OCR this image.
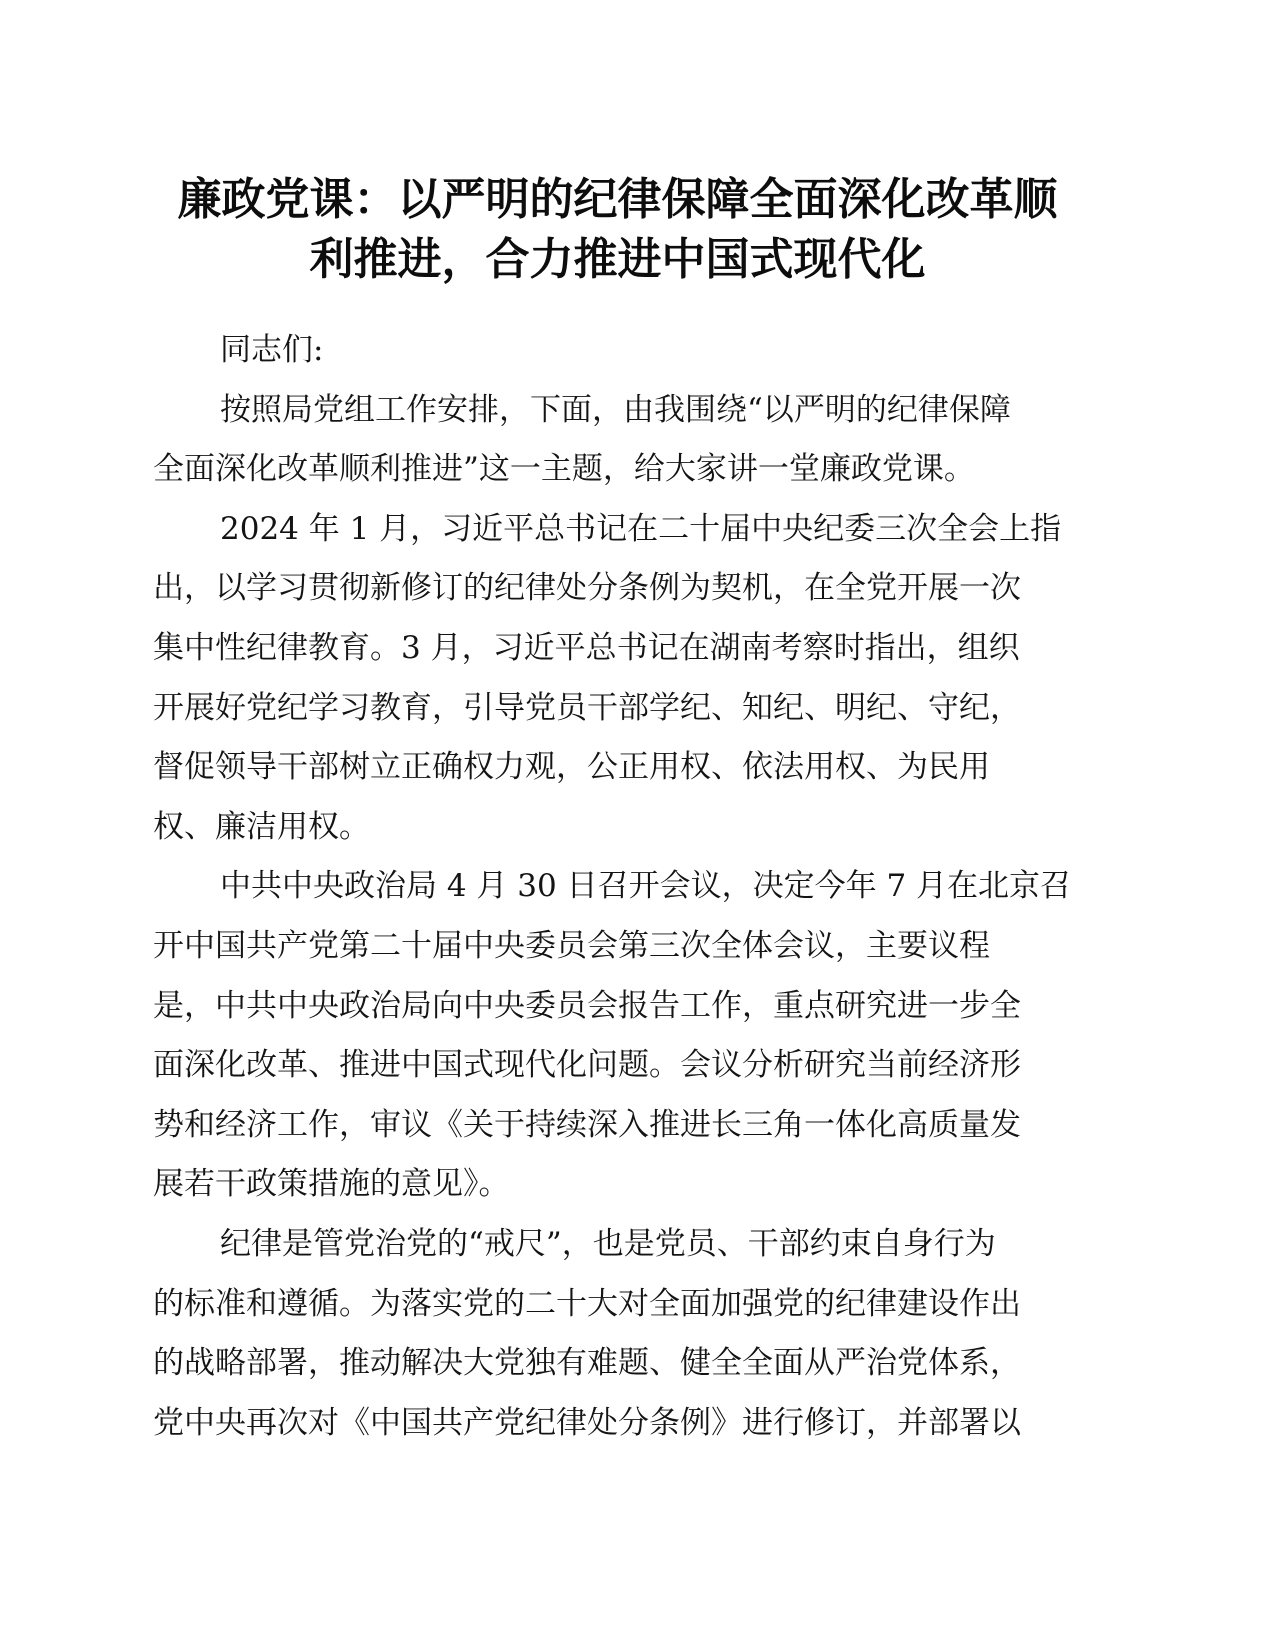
廉政党课：以严明的纪律保障全面深化改革顺
利推进，合力推进中国式现代化

同志们:

按照局党组工作安排，下面，由我围绕“以严明的纪律保障
全面深化改革顺利推进”这一主题，给大家讲一堂廉政党课。

2024 年 1 月，习近平总书记在二十届中央纪委三次全会上指
出，以学习贯彻新修订的纪律处分条例为契机，在全党开展一次
集中性纪律教育。3 月，习近平总书记在湖南考察时指出，组织
开展好党纪学习教育，引导党员干部学纪、知纪、明纪、守纪，
督促领导干部树立正确权力观，公正用权、依法用权、为民用
权、廉洁用权。

中共中央政治局 4 月 30 日召开会议，决定今年 7 月在北京召
开中国共产党第二十届中央委员会第三次全体会议，主要议程
是，中共中央政治局向中央委员会报告工作，重点研究进一步全
面深化改革、推进中国式现代化问题。会议分析研究当前经济形
势和经济工作，审议《关于持续深入推进长三角一体化高质量发
展若干政策措施的意见》。

纪律是管党治党的“戒尺”，也是党员、干部约束自身行为
的标准和遵循。为落实党的二十大对全面加强党的纪律建设作出
的战略部署，推动解决大党独有难题、健全全面从严治党体系，
党中央再次对《中国共产党纪律处分条例》进行修订，并部署以
